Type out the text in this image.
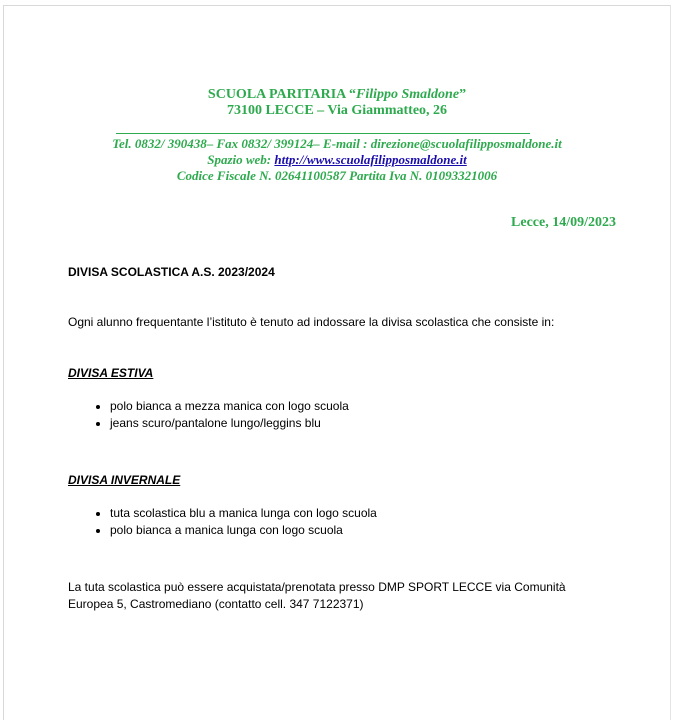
SCUOLA PARITARIA “Filippo Smaldone”
73100 LECCE – Via Giammatteo, 26
Tel. 0832/ 390438– Fax 0832/ 399124– E-mail : direzione@scuolafilipposmaldone.it
Spazio web: http://www.scuolafilipposmaldone.it
Codice Fiscale N. 02641100587 Partita Iva N. 01093321006
Lecce, 14/09/2023
DIVISA SCOLASTICA A.S. 2023/2024
Ogni alunno frequentante l’istituto è tenuto ad indossare la divisa scolastica che consiste in:
DIVISA ESTIVA
• polo bianca a mezza manica con logo scuola
• jeans scuro/pantalone lungo/leggins blu
DIVISA INVERNALE
• tuta scolastica blu a manica lunga con logo scuola
• polo bianca a manica lunga con logo scuola
La tuta scolastica può essere acquistata/prenotata presso DMP SPORT LECCE via Comunità Europea 5, Castromediano (contatto cell. 347 7122371)
